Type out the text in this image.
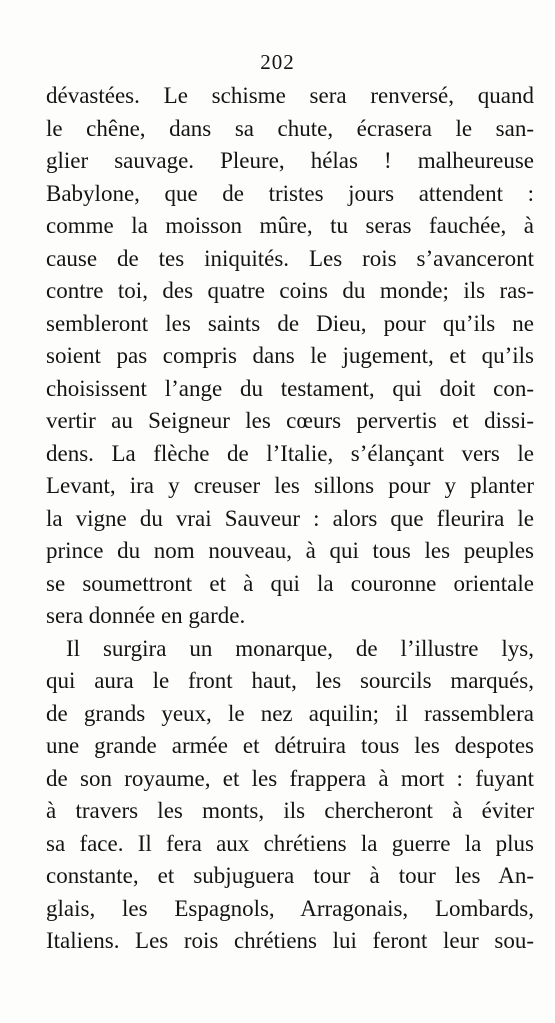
202
dévastées. Le schisme sera renversé, quand
le chêne, dans sa chute, écrasera le san-
glier sauvage. Pleure, hélas ! malheureuse
Babylone, que de tristes jours attendent :
comme la moisson mûre, tu seras fauchée, à
cause de tes iniquités. Les rois s’avanceront
contre toi, des quatre coins du monde; ils ras-
sembleront les saints de Dieu, pour qu’ils ne
soient pas compris dans le jugement, et qu’ils
choisissent l’ange du testament, qui doit con-
vertir au Seigneur les cœurs pervertis et dissi-
dens. La flèche de l’Italie, s’élançant vers le
Levant, ira y creuser les sillons pour y planter
la vigne du vrai Sauveur : alors que fleurira le
prince du nom nouveau, à qui tous les peuples
se soumettront et à qui la couronne orientale
sera donnée en garde.
Il surgira un monarque, de l’illustre lys,
qui aura le front haut, les sourcils marqués,
de grands yeux, le nez aquilin; il rassemblera
une grande armée et détruira tous les despotes
de son royaume, et les frappera à mort : fuyant
à travers les monts, ils chercheront à éviter
sa face. Il fera aux chrétiens la guerre la plus
constante, et subjuguera tour à tour les An-
glais, les Espagnols, Arragonais, Lombards,
Italiens. Les rois chrétiens lui feront leur sou-
